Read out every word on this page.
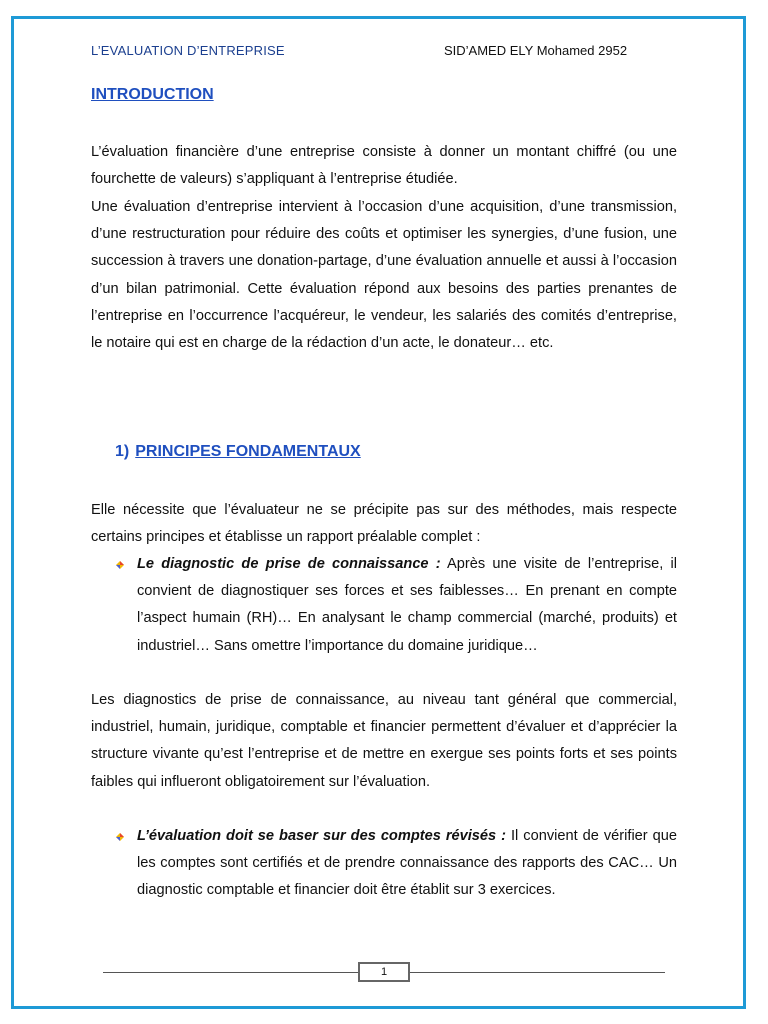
L’EVALUATION D’ENTREPRISE	SID’AMED ELY Mohamed 2952
INTRODUCTION

L’évaluation financière d’une entreprise consiste à donner un montant chiffré (ou une fourchette de valeurs) s’appliquant à l’entreprise étudiée.

Une évaluation d’entreprise intervient à l’occasion d’une acquisition, d’une transmission, d’une restructuration pour réduire des coûts et optimiser les synergies, d’une fusion, une succession à travers une donation-partage, d’une évaluation annuelle et aussi à l’occasion d’un bilan patrimonial. Cette évaluation répond aux besoins des parties prenantes de l’entreprise en l’occurrence l’acquéreur, le vendeur, les salariés des comités d’entreprise, le notaire qui est en charge de la rédaction d’un acte, le donateur… etc.

1) PRINCIPES FONDAMENTAUX

Elle nécessite que l’évaluateur ne se précipite pas sur des méthodes, mais respecte certains principes et établisse un rapport préalable complet :

Le diagnostic de prise de connaissance : Après une visite de l’entreprise, il convient de diagnostiquer ses forces et ses faiblesses… En prenant en compte l’aspect humain (RH)… En analysant le champ commercial (marché, produits) et industriel… Sans omettre l’importance du domaine juridique…

Les diagnostics de prise de connaissance, au niveau tant général que commercial, industriel, humain, juridique, comptable et financier permettent d’évaluer et d’apprécier la structure vivante qu’est l’entreprise et de mettre en exergue ses points forts et ses points faibles qui influeront obligatoirement sur l’évaluation.

L’évaluation doit se baser sur des comptes révisés : Il convient de vérifier que les comptes sont certifiés et de prendre connaissance des rapports des CAC… Un diagnostic comptable et financier doit être établit sur 3 exercices.

1
